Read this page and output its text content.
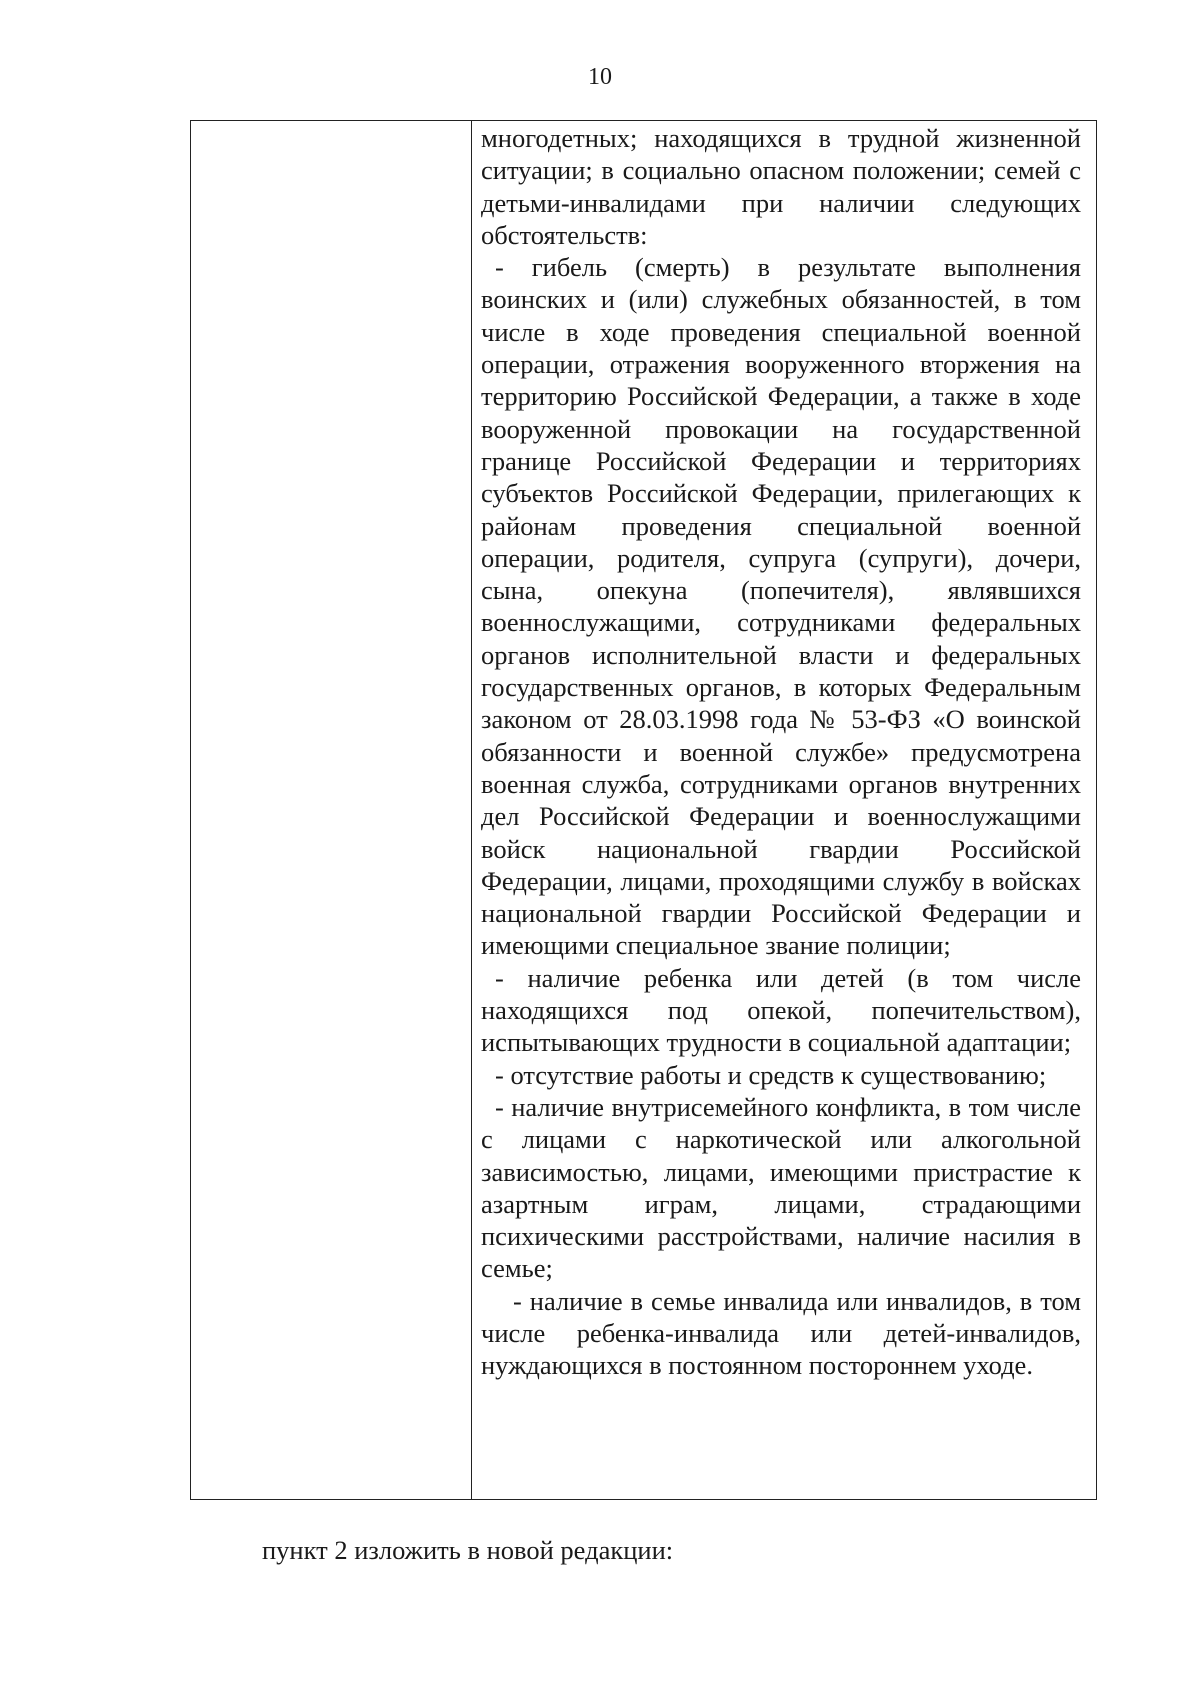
10

многодетных; находящихся в трудной жизненной ситуации; в социально опасном положении; семей с детьми-инвалидами при наличии следующих обстоятельств:

- гибель (смерть) в результате выполнения воинских и (или) служебных обязанностей, в том числе в ходе проведения специальной военной операции, отражения вооруженного вторжения на территорию Российской Федерации, а также в ходе вооруженной провокации на государственной границе Российской Федерации и территориях субъектов Российской Федерации, прилегающих к районам проведения специальной военной операции, родителя, супруга (супруги), дочери, сына, опекуна (попечителя), являвшихся военнослужащими, сотрудниками федеральных органов исполнительной власти и федеральных государственных органов, в которых Федеральным законом от 28.03.1998 года № 53-ФЗ «О воинской обязанности и военной службе» предусмотрена военная служба, сотрудниками органов внутренних дел Российской Федерации и военнослужащими войск национальной гвардии Российской Федерации, лицами, проходящими службу в войсках национальной гвардии Российской Федерации и имеющими специальное звание полиции;

- наличие ребенка или детей (в том числе находящихся под опекой, попечительством), испытывающих трудности в социальной адаптации;

- отсутствие работы и средств к существованию;

- наличие внутрисемейного конфликта, в том числе с лицами с наркотической или алкогольной зависимостью, лицами, имеющими пристрастие к азартным играм, лицами, страдающими психическими расстройствами, наличие насилия в семье;

- наличие в семье инвалида или инвалидов, в том числе ребенка-инвалида или детей-инвалидов, нуждающихся в постоянном постороннем уходе.

пункт 2 изложить в новой редакции:
